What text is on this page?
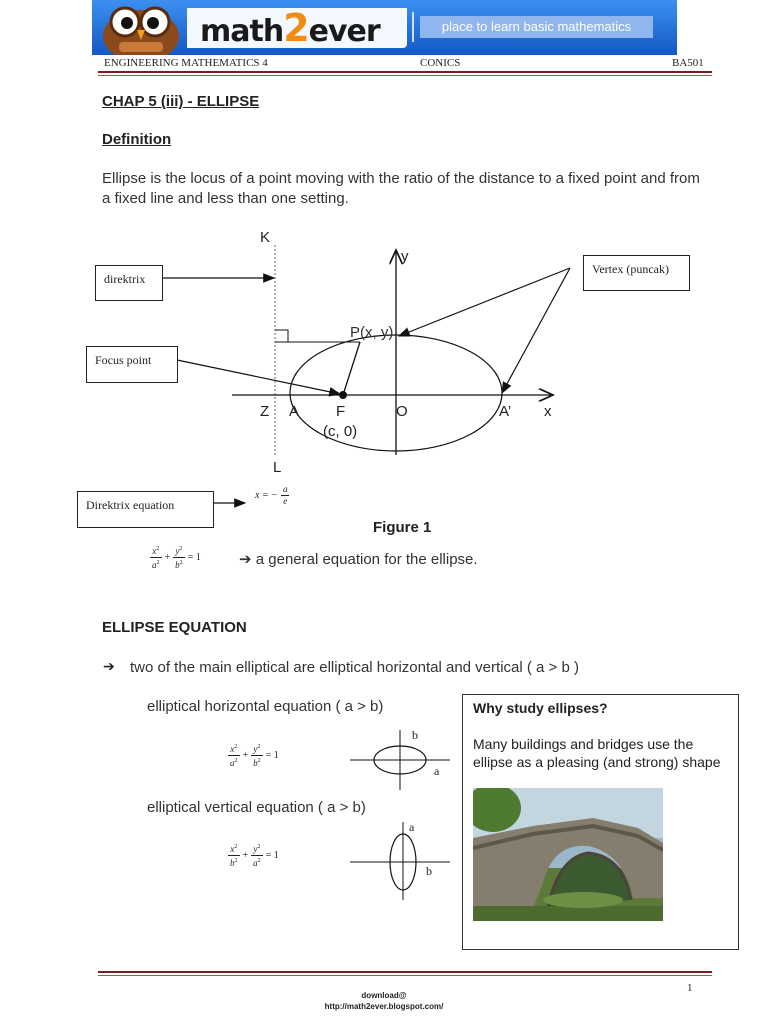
math2ever	place to learn basic mathematics
ENGINEERING MATHEMATICS 4	CONICS	BA501
CHAP 5 (iii) - ELLIPSE
Definition
Ellipse is the locus of a point moving with the ratio of the distance to a fixed point and from a fixed line and less than one setting.
K
L
y
x
P(x, y)
Z A F	O	A’
(c, 0)
direktrix
Focus point
Vertex (puncak)
Direktrix equation
x = − $\frac{a}{e}$
Figure 1
$\frac{x^2}{a^2} + \frac{y^2}{b^2} = 1$	➔ a general equation for the ellipse.
ELLIPSE EQUATION
➔ two of the main elliptical are elliptical horizontal and vertical ( a > b )
elliptical horizontal equation ( a > b)
$\frac{x^2}{a^2} + \frac{y^2}{b^2} = 1$
b
a
elliptical vertical equation ( a > b)
$\frac{x^2}{b^2} + \frac{y^2}{a^2} = 1$
a
b
Why study ellipses?
Many buildings and bridges use the ellipse as a pleasing (and strong) shape
1
download@
http://math2ever.blogspot.com/
